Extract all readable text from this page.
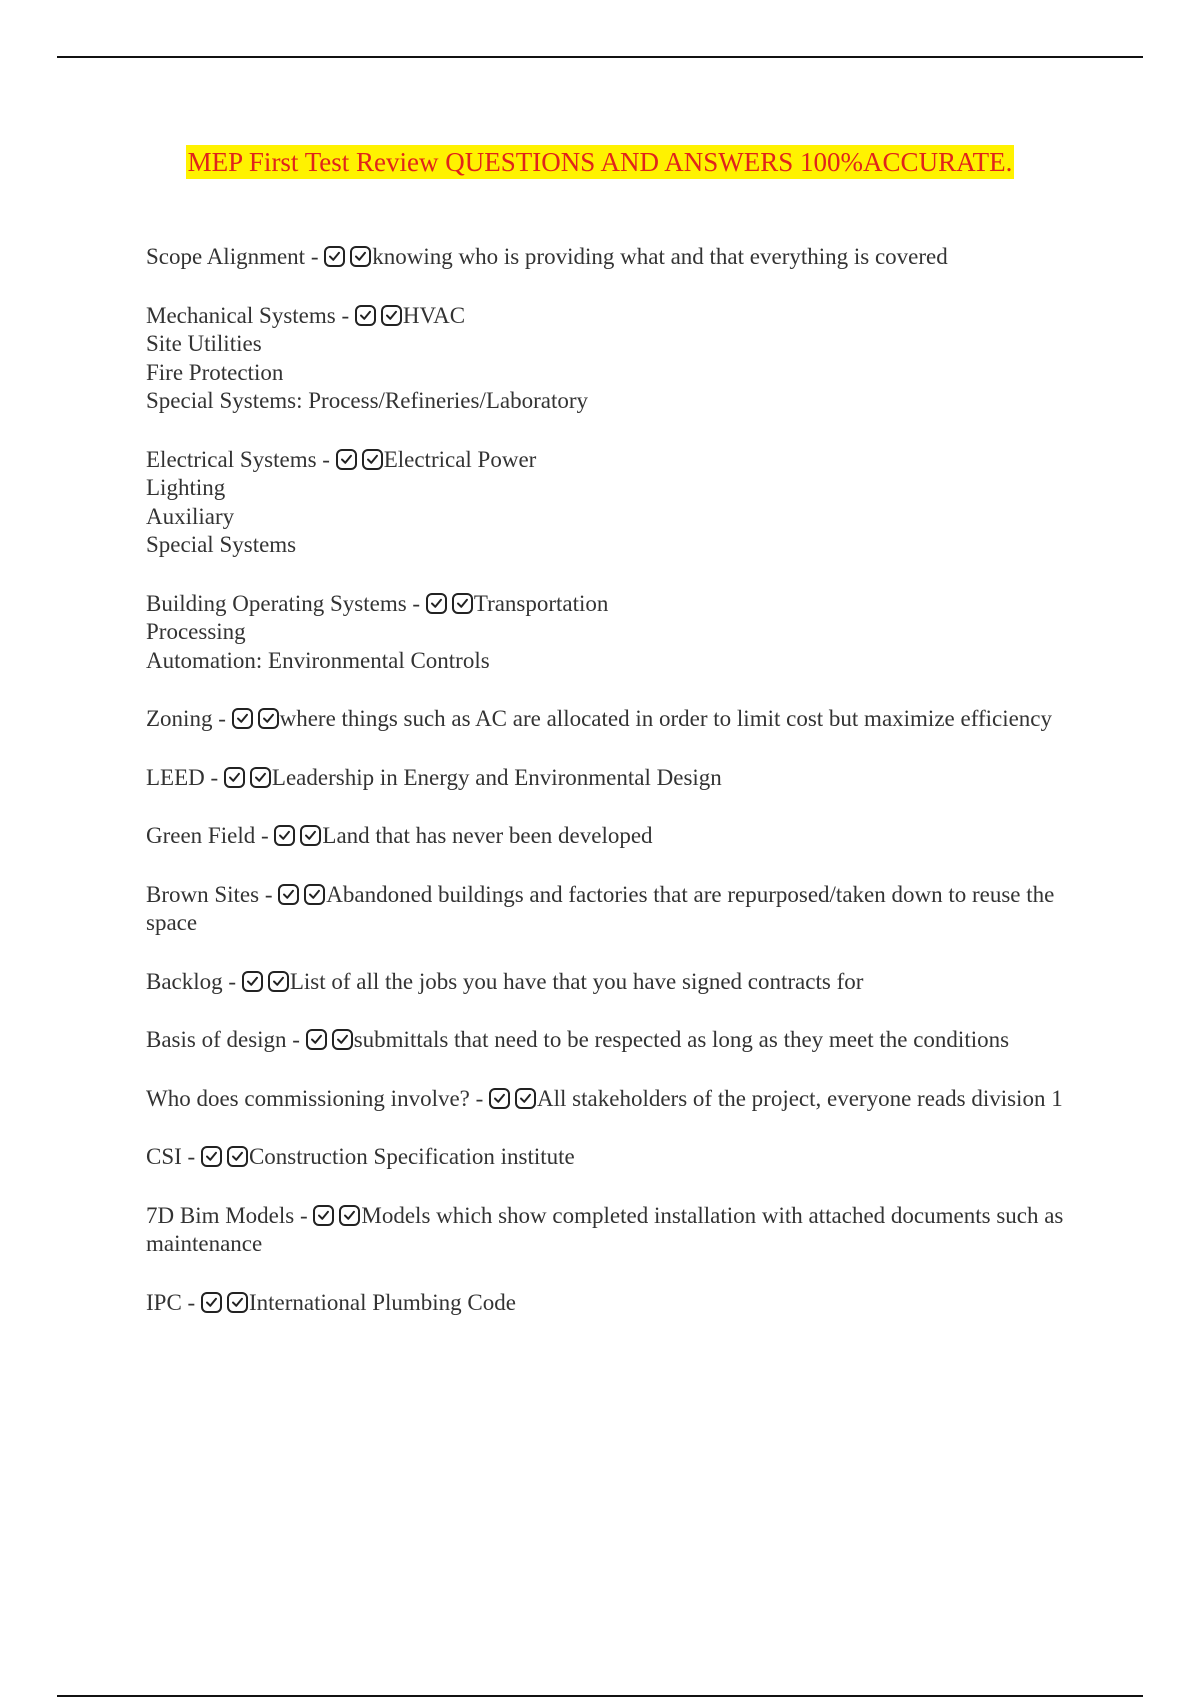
MEP First Test Review QUESTIONS AND ANSWERS 100%ACCURATE.
Scope Alignment -
knowing who is providing what and that everything is covered
Mechanical Systems -
HVAC
Site Utilities
Fire Protection
Special Systems: Process/Refineries/Laboratory
Electrical Systems -
Electrical Power
Lighting
Auxiliary
Special Systems
Building Operating Systems -
Transportation
Processing
Automation: Environmental Controls
Zoning -
where things such as AC are allocated in order to limit cost but maximize efficiency
LEED -
Leadership in Energy and Environmental Design
Green Field -
Land that has never been developed
Brown Sites -
Abandoned buildings and factories that are repurposed/taken down to reuse the space
Backlog -
List of all the jobs you have that you have signed contracts for
Basis of design -
submittals that need to be respected as long as they meet the conditions
Who does commissioning involve? -
All stakeholders of the project, everyone reads division 1
CSI -
Construction Specification institute
7D Bim Models -
Models which show completed installation with attached documents such as maintenance
IPC -
International Plumbing Code
